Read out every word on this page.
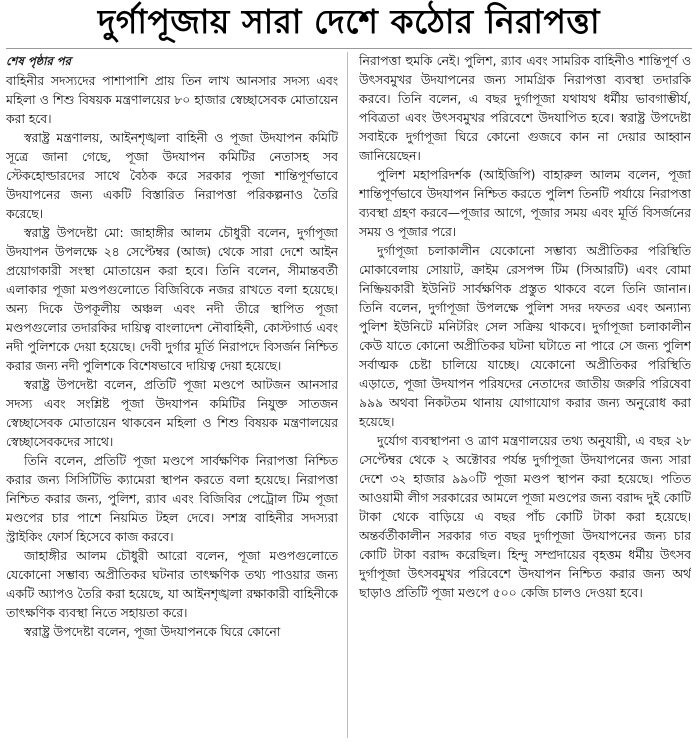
দুর্গাপূজায় সারা দেশে কঠোর নিরাপত্তা
শেষ পৃষ্ঠার পর

বাহিনীর সদস্যদের পাশাপাশি প্রায় তিন লাখ আনসার সদস্য এবং মহিলা ও শিশু বিষয়ক মন্ত্রণালয়ের ৮০ হাজার স্বেচ্ছাসেবক মোতায়েন করা হবে।

স্বরাষ্ট্র মন্ত্রণালয়, আইনশৃঙ্খলা বাহিনী ও পূজা উদযাপন কমিটি সূত্রে জানা গেছে, পূজা উদযাপন কমিটির নেতাসহ সব স্টেকহোল্ডারদের সাথে বৈঠক করে সরকার পূজা শান্তিপূর্ণভাবে উদযাপনের জন্য একটি বিস্তারিত নিরাপত্তা পরিকল্পনাও তৈরি করেছে।

স্বরাষ্ট্র উপদেষ্টা মো: জাহাঙ্গীর আলম চৌধুরী বলেন, দুর্গাপূজা উদযাপন উপলক্ষে ২৪ সেপ্টেম্বর (আজ) থেকে সারা দেশে আইন প্রয়োগকারী সংস্থা মোতায়েন করা হবে। তিনি বলেন, সীমান্তবর্তী এলাকার পূজা মণ্ডপগুলোতে বিজিবিকে নজর রাখতে বলা হয়েছে। অন্য দিকে উপকূলীয় অঞ্চল এবং নদী তীরে স্থাপিত পূজা মণ্ডপগুলোর তদারকির দায়িত্ব বাংলাদেশ নৌবাহিনী, কোস্টগার্ড এবং নদী পুলিশকে দেয়া হয়েছে। দেবী দুর্গার মূর্তি নিরাপদে বিসর্জন নিশ্চিত করার জন্য নদী পুলিশকে বিশেষভাবে দায়িত্ব দেয়া হয়েছে।

স্বরাষ্ট্র উপদেষ্টা বলেন, প্রতিটি পূজা মণ্ডপে আটজন আনসার সদস্য এবং সংশ্লিষ্ট পূজা উদযাপন কমিটির নিযুক্ত সাতজন স্বেচ্ছাসেবক মোতায়েন থাকবেন মহিলা ও শিশু বিষয়ক মন্ত্রণালয়ের স্বেচ্ছাসেবকদের সাথে।

তিনি বলেন, প্রতিটি পূজা মণ্ডপে সার্বক্ষণিক নিরাপত্তা নিশ্চিত করার জন্য সিসিটিভি ক্যামেরা স্থাপন করতে বলা হয়েছে। নিরাপত্তা নিশ্চিত করার জন্য, পুলিশ, র‍্যাব এবং বিজিবির পেট্রোল টিম পূজা মণ্ডপের চার পাশে নিয়মিত টহল দেবে। সশস্ত্র বাহিনীর সদস্যরা স্ট্রাইকিং ফোর্স হিসেবে কাজ করবে।

জাহাঙ্গীর আলম চৌধুরী আরো বলেন, পূজা মণ্ডপগুলোতে যেকোনো সম্ভাব্য অপ্রীতিকর ঘটনার তাৎক্ষণিক তথ্য পাওয়ার জন্য একটি অ্যাপও তৈরি করা হয়েছে, যা আইনশৃঙ্খলা রক্ষাকারী বাহিনীকে তাৎক্ষণিক ব্যবস্থা নিতে সহায়তা করে।

স্বরাষ্ট্র উপদেষ্টা বলেন, পূজা উদযাপনকে ঘিরে কোনো

নিরাপত্তা হুমকি নেই। পুলিশ, র‍্যাব এবং সামরিক বাহিনীও শান্তিপূর্ণ ও উৎসবমুখর উদযাপনের জন্য সামগ্রিক নিরাপত্তা ব্যবস্থা তদারকি করবে। তিনি বলেন, এ বছর দুর্গাপূজা যথাযথ ধর্মীয় ভাবগাম্ভীর্য, পবিত্রতা এবং উৎসবমুখর পরিবেশে উদযাপিত হবে। স্বরাষ্ট্র উপদেষ্টা সবাইকে দুর্গাপূজা ঘিরে কোনো গুজবে কান না দেয়ার আহ্বান জানিয়েছেন।

পুলিশ মহাপরিদর্শক (আইজিপি) বাহারুল আলম বলেন, পূজা শান্তিপূর্ণভাবে উদযাপন নিশ্চিত করতে পুলিশ তিনটি পর্যায়ে নিরাপত্তা ব্যবস্থা গ্রহণ করবে—পূজার আগে, পূজার সময় এবং মূর্তি বিসর্জনের সময় ও পূজার পরে।

দুর্গাপূজা চলাকালীন যেকোনো সম্ভাব্য অপ্রীতিকর পরিস্থিতি মোকাবেলায় সোয়াট, ক্রাইম রেসপন্স টিম (সিআরটি) এবং বোমা নিষ্ক্রিয়কারী ইউনিট সার্বক্ষণিক প্রস্তুত থাকবে বলে তিনি জানান। তিনি বলেন, দুর্গাপূজা উপলক্ষে পুলিশ সদর দফতর এবং অন্যান্য পুলিশ ইউনিটে মনিটরিং সেল সক্রিয় থাকবে। দুর্গাপূজা চলাকালীন কেউ যাতে কোনো অপ্রীতিকর ঘটনা ঘটাতে না পারে সে জন্য পুলিশ সর্বাত্মক চেষ্টা চালিয়ে যাচ্ছে। যেকোনো অপ্রীতিকর পরিস্থিতি এড়াতে, পূজা উদযাপন পরিষদের নেতাদের জাতীয় জরুরি পরিষেবা ৯৯৯ অথবা নিকটতম থানায় যোগাযোগ করার জন্য অনুরোধ করা হয়েছে।

দুর্যোগ ব্যবস্থাপনা ও ত্রাণ মন্ত্রণালয়ের তথ্য অনুযায়ী, এ বছর ২৮ সেপ্টেম্বর থেকে ২ অক্টোবর পর্যন্ত দুর্গাপূজা উদযাপনের জন্য সারা দেশে ৩২ হাজার ৯৯০টি পূজা মণ্ডপ স্থাপন করা হয়েছে। পতিত আওয়ামী লীগ সরকারের আমলে পূজা মণ্ডপের জন্য বরাদ্দ দুই কোটি টাকা থেকে বাড়িয়ে এ বছর পাঁচ কোটি টাকা করা হয়েছে। অন্তর্বর্তীকালীন সরকার গত বছর দুর্গাপূজা উদযাপনের জন্য চার কোটি টাকা বরাদ্দ করেছিল। হিন্দু সম্প্রদায়ের বৃহত্তম ধর্মীয় উৎসব দুর্গাপূজা উৎসবমুখর পরিবেশে উদযাপন নিশ্চিত করার জন্য অর্থ ছাড়াও প্রতিটি পূজা মণ্ডপে ৫০০ কেজি চালও দেওয়া হবে।
